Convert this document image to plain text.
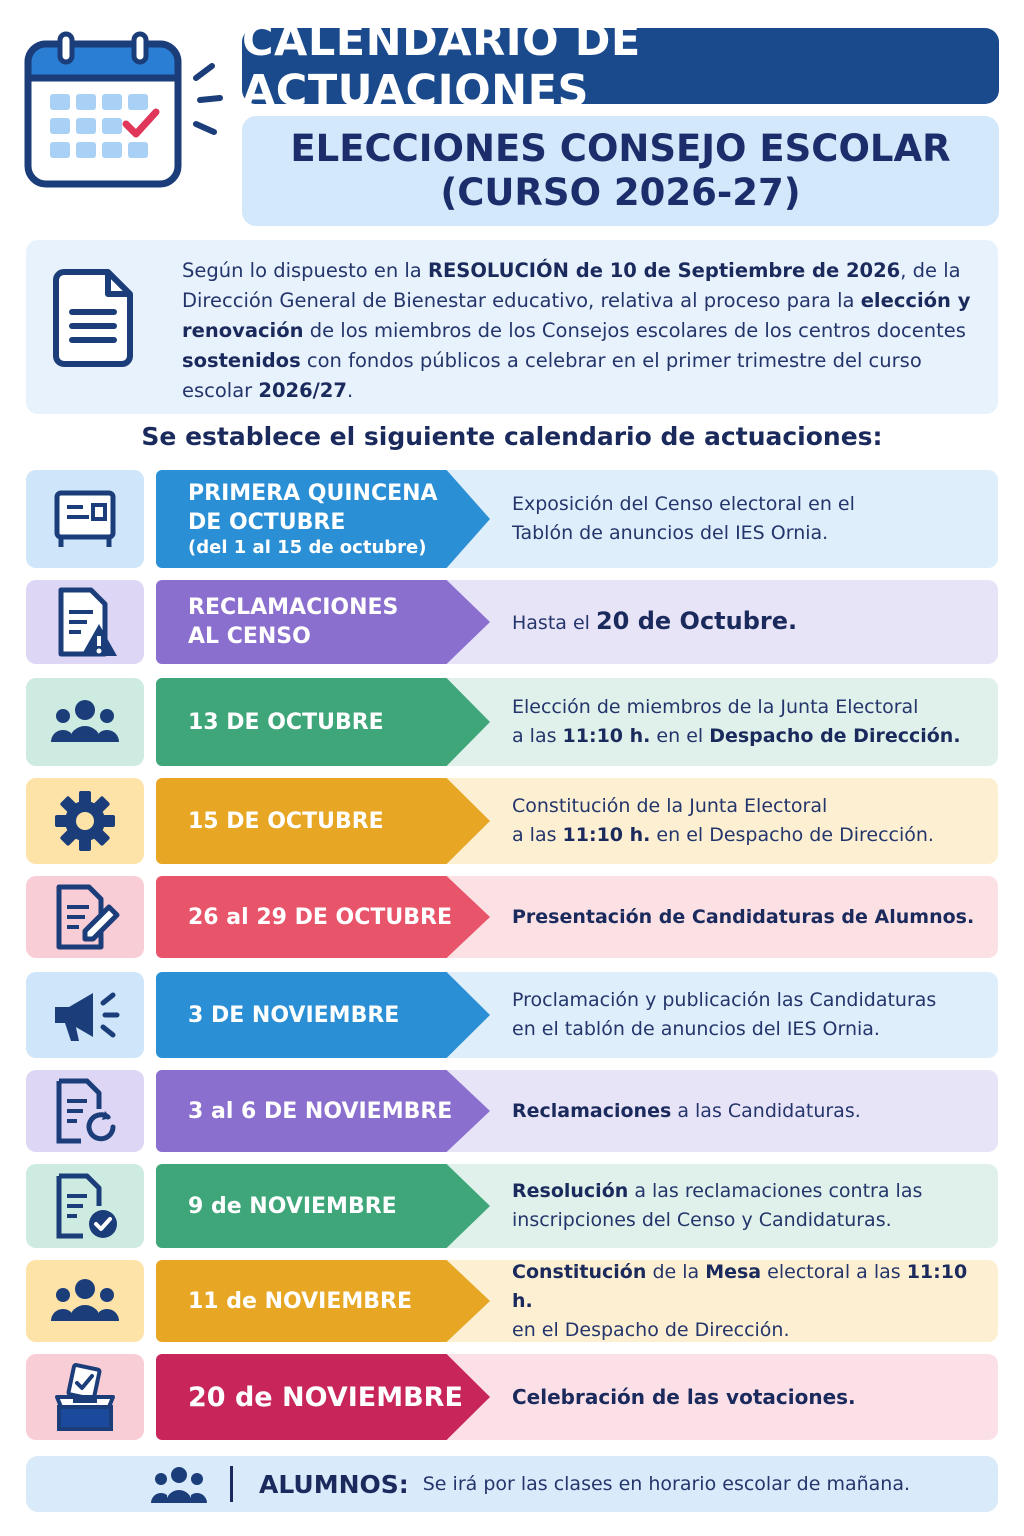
CALENDARIO DE ACTUACIONES
ELECCIONES CONSEJO ESCOLAR
(CURSO 2026-27)
Según lo dispuesto en la RESOLUCIÓN de 10 de Septiembre de 2026, de la Dirección General de Bienestar educativo, relativa al proceso para la elección y renovación de los miembros de los Consejos escolares de los centros docentes sostenidos con fondos públicos a celebrar en el primer trimestre del curso escolar 2026/27.
Se establece el siguiente calendario de actuaciones:
PRIMERA QUINCENA
DE OCTUBRE
(del 1 al 15 de octubre)
Exposición del Censo electoral en el
Tablón de anuncios del IES Ornia.
RECLAMACIONES
AL CENSO
Hasta el 20 de Octubre.
13 DE OCTUBRE
Elección de miembros de la Junta Electoral
a las 11:10 h. en el Despacho de Dirección.
15 DE OCTUBRE
Constitución de la Junta Electoral
a las 11:10 h. en el Despacho de Dirección.
26 al 29 DE OCTUBRE	Presentación de Candidaturas de Alumnos.
3 DE NOVIEMBRE
Proclamación y publicación las Candidaturas
en el tablón de anuncios del IES Ornia.
3 al 6 DE NOVIEMBRE	Reclamaciones a las Candidaturas.
9 de NOVIEMBRE
Resolución a las reclamaciones contra las
inscripciones del Censo y Candidaturas.
11 de NOVIEMBRE
Constitución de la Mesa electoral a las 11:10 h.
en el Despacho de Dirección.
20 de NOVIEMBRE Celebración de las votaciones.
ALUMNOS: Se irá por las clases en horario escolar de mañana.
